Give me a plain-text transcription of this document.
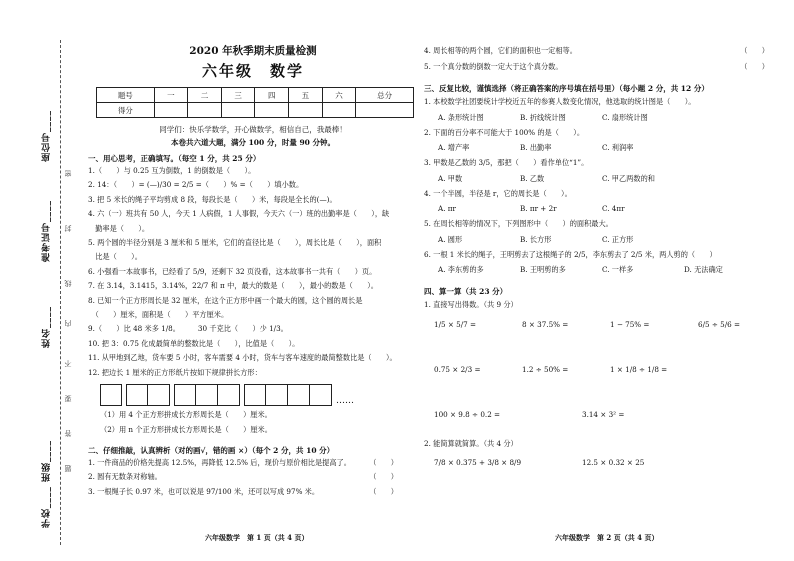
学校____ 班级____
姓名____
准考证号____
座位号____
密
封
线
内
不
要
答
题
2020 年秋季期末质量检测
六年级　数学
题号	一	二	三	四	五	六	总分
得分							
同学们：快乐学数学，开心做数学，相信自己，我最棒！
本卷共六道大题，满分 100 分，时量 90 分钟。
一、用心思考，正确填写。（每空 1 分，共 25 分）
1.（　　）与 0.25 互为倒数，1 的倒数是（　　）。
2. 14：（　　）= (—)/30 = 2/5 =（　　）% =（　　）填小数。
3. 把 5 米长的绳子平均剪成 8 段，每段长是（　　）米，每段是全长的(—)。
4. 六（一）班共有 50 人，今天 1 人病假，1 人事假，今天六（一）班的出勤率是（　　），缺
　勤率是（　　）。
5. 两个圆的半径分别是 3 厘米和 5 厘米，它们的直径比是（　　），周长比是（　　），面积
　比是（　　）。
6. 小强看一本故事书，已经看了 5/9，还剩下 32 页没看，这本故事书一共有（　　）页。
7. 在 3.14，3.1415，3.14%，22/7 和 π 中，最大的数是（　　），最小的数是（　　）。
8. 已知一个正方形周长是 32 厘米，在这个正方形中画一个最大的圆，这个圆的周长是
　（　　）厘米，面积是（　　）平方厘米。
9.（　　）比 48 米多 1/8。　　　30 千克比（　　）少 1/3。
10. 把 3：0.75 化成最简单的整数比是（　　），比值是（　　）。
11. 从甲地到乙地，货车要 5 小时，客车需要 4 小时，货车与客车速度的最简整数比是（　　）。
12. 把边长 1 厘米的正方形纸片按如下规律拼长方形：
……
（1）用 4 个正方形拼成长方形周长是（　　）厘米。
（2）用 n 个正方形拼成长方形周长是（　　）厘米。
二、仔细推敲，认真辨析（对的画√，错的画 ×）（每个 2 分，共 10 分）
1. 一件商品的价格先提高 12.5%，再降低 12.5% 后，现价与原价相比是提高了。	（　　）
2. 圆有无数条对称轴。	（　　）
3. 一根绳子长 0.97 米，也可以说是 97/100 米，还可以写成 97% 米。	（　　）
4. 周长相等的两个圆，它们的面积也一定相等。	（　　）
5. 一个真分数的倒数一定大于这个真分数。	（　　）
三、反复比较，谨慎选择（将正确答案的序号填在括号里）（每小题 2 分，共 12 分）
1. 本校数学社团要统计学校近五年的参赛人数变化情况，他选取的统计图是（　　）。
A. 条形统计图	B. 折线统计图	C. 扇形统计图
2. 下面的百分率不可能大于 100% 的是（　　）。
A. 增产率	B. 出勤率	C. 利润率
3. 甲数是乙数的 3/5，那把（　　）看作单位“1”。
A. 甲数	B. 乙数	C. 甲乙两数的和
4. 一个半圆，半径是 r，它的周长是（　　）。
A. πr	B. πr + 2r	C. 4πr
5. 在周长相等的情况下，下列图形中（　　）的面积最大。
A. 圆形	B. 长方形	C. 正方形
6. 一根 1 米长的绳子，王明剪去了这根绳子的 2/5，李东剪去了 2/5 米，两人剪的（　　）
A. 李东剪的多	B. 王明剪的多	C. 一样多	D. 无法确定
四、算一算（共 23 分）
1. 直接写出得数。（共 9 分）
1/5 × 5/7 =	8 × 37.5% =	1 − 75% =	6/5 ÷ 5/6 =
0.75 × 2/3 =	1.2 ÷ 50% =	1 × 1/8 ÷ 1/8 =
100 × 9.8 ÷ 0.2 =	3.14 × 3² =
2. 能简算就简算。（共 4 分）
7/8 × 0.375 + 3/8 × 8/9	12.5 × 0.32 × 25
六年级数学　第 1 页（共 4 页）	六年级数学　第 2 页（共 4 页）
